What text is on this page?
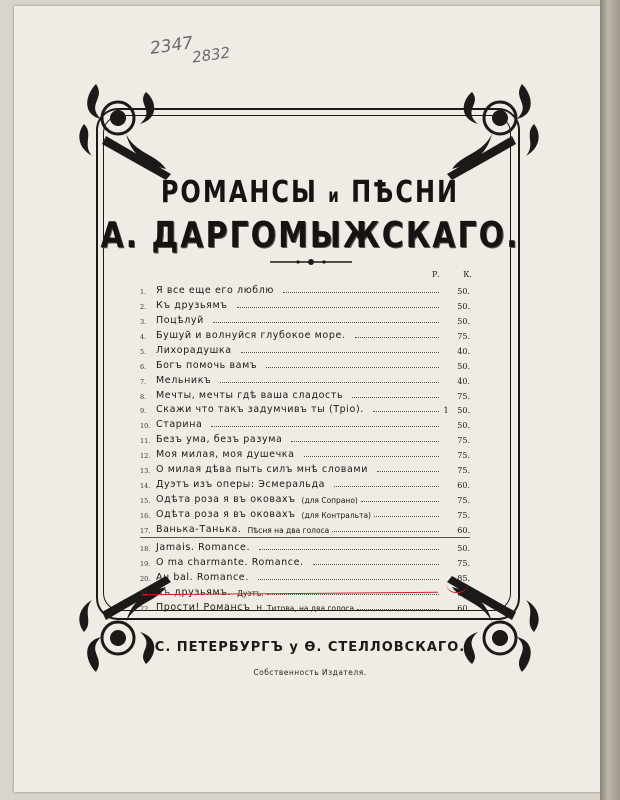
2347
2832
РОМАНСЫ и ПѢСНИ
А. ДАРГОМЫЖСКАГО.
Р.	К.
1.	Я все еще его люблю	50.
2.	Къ друзьямъ	50.
3.	Поцѣлуй	50.
4.	Бушуй и волнуйся глубокое море.	75.
5.	Лихорадушка	40.
6.	Богъ помочь вамъ	50.
7.	Мельникъ	40.
8.	Мечты, мечты гдѣ ваша сладость	75.
9.	Скажи что такъ задумчивъ ты (Тріо).	1	50.
10. Старина	50.
11. Безъ ума, безъ разума	75.
12. Моя милая, моя душечка	75.
13. О милая дѣва пыть силъ мнѣ словами	75.
14. Дуэтъ изъ оперы: Эсмеральда	60.
15. Одѣта роза я въ оковахъ (для Сопрано)	75.
16. Одѣта роза я въ оковахъ (для Контральта)	75.
17. Ванька-Танька. Пѣсня на два голоса	60.
18. Jamais. Romance.	50.
19. O ma charmante. Romance.	75.
20. Au bal. Romance.	85.
21. Къ друзьямъ. Дуэтъ.	85.
22. Прости! Романсъ Н. Титова, на два голоса	60.
С. ПЕТЕРБУРГЪ у Ѳ. СТЕЛЛОВСКАГО.
Собственность Издателя.
